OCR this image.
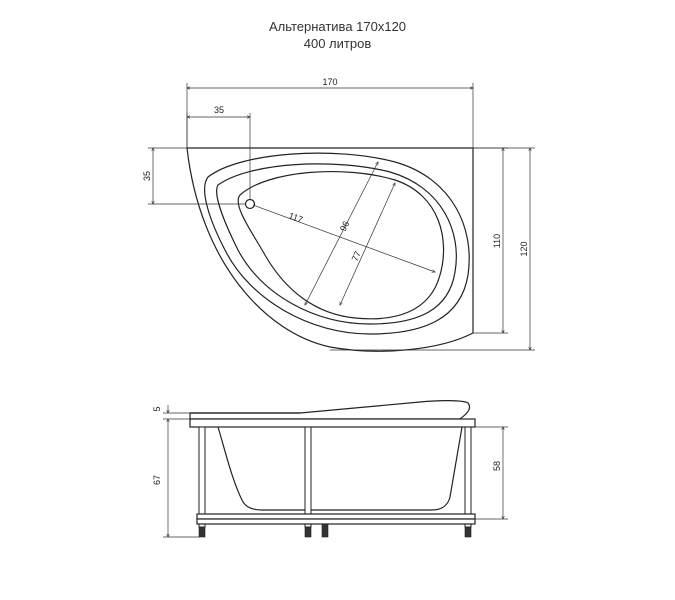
Альтернатива 170x120
400 литров
117
96
77
170
35
35
110
120
5
67
58
